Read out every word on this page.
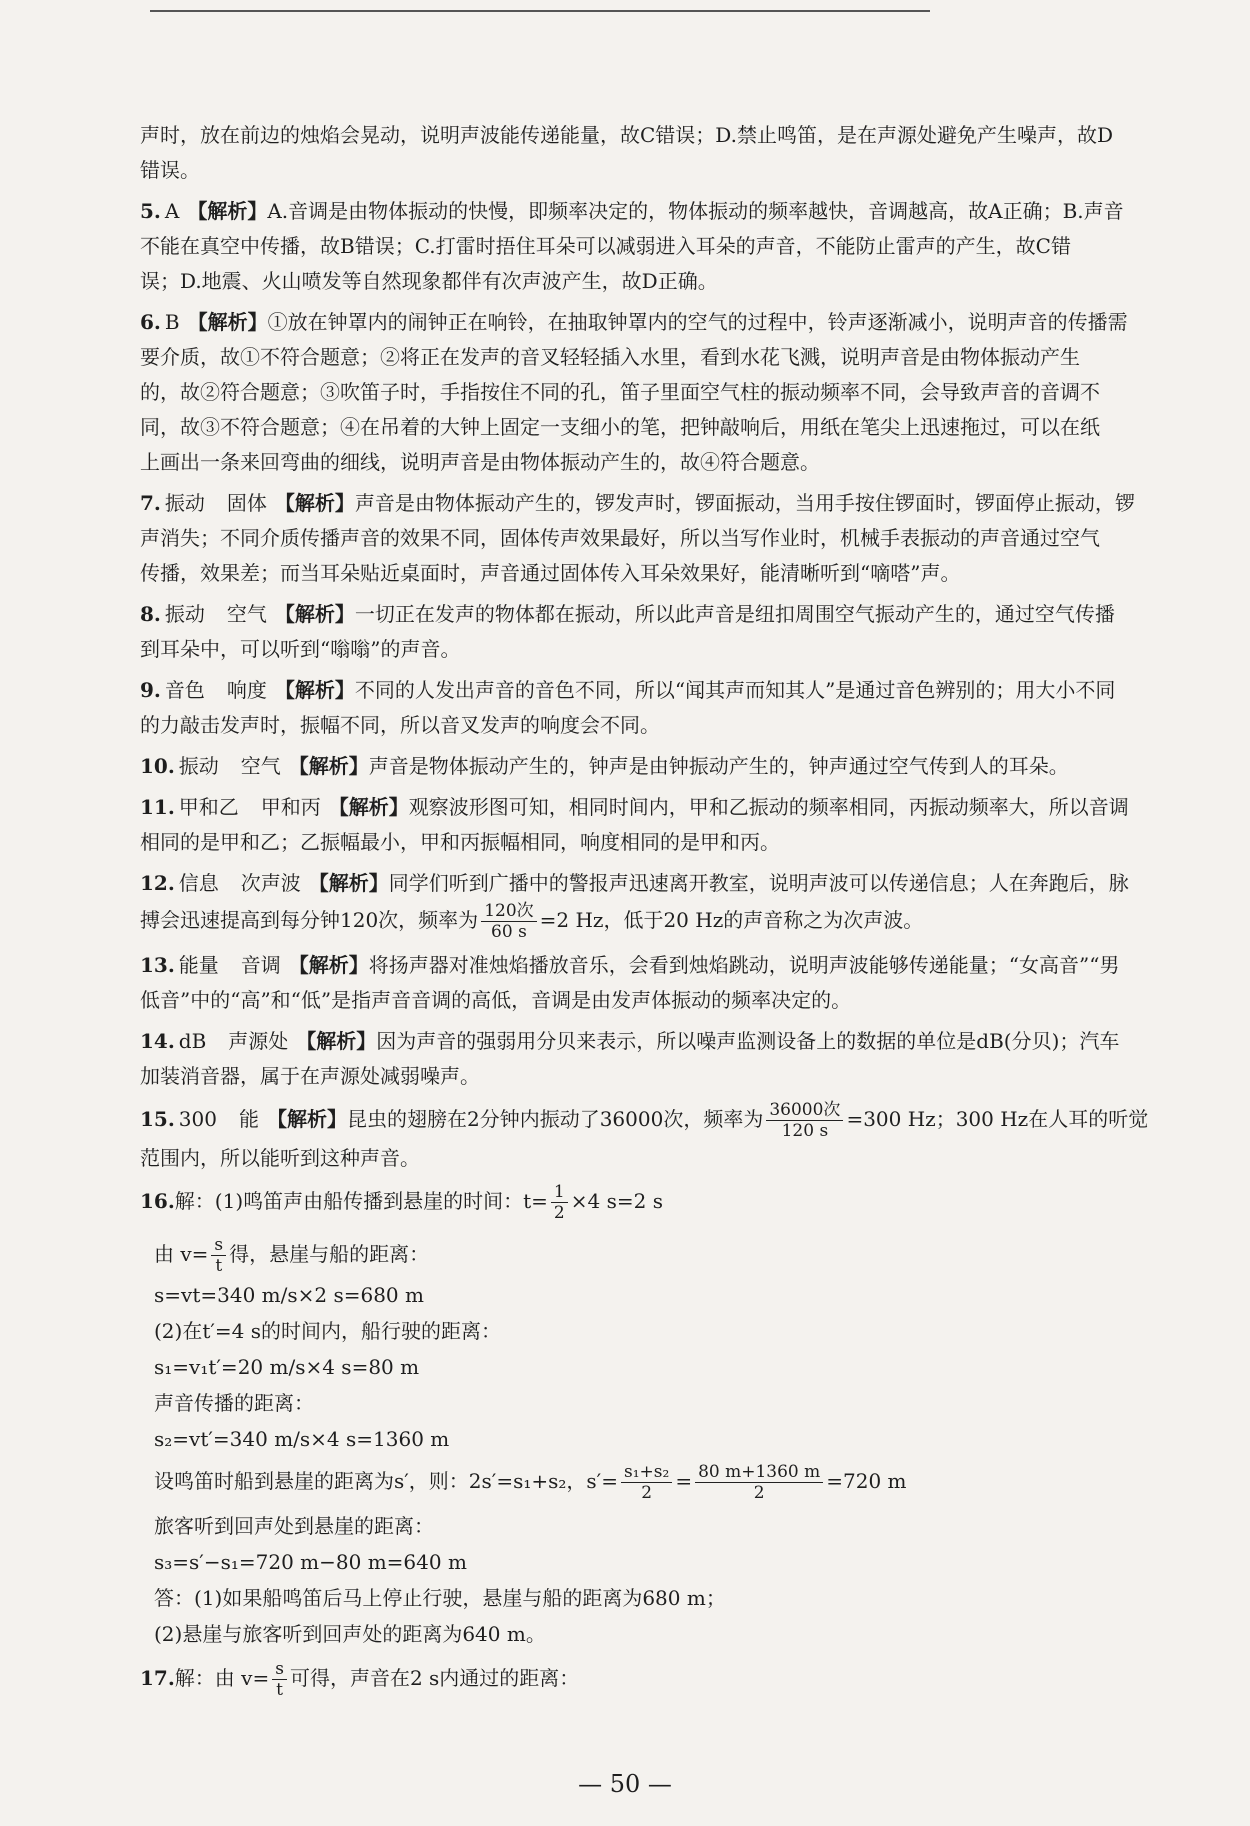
声时，放在前边的烛焰会晃动，说明声波能传递能量，故C错误；D.禁止鸣笛，是在声源处避免产生噪声，故D
错误。

5. A 【解析】A.音调是由物体振动的快慢，即频率决定的，物体振动的频率越快，音调越高，故A正确；B.声音
不能在真空中传播，故B错误；C.打雷时捂住耳朵可以减弱进入耳朵的声音，不能防止雷声的产生，故C错
误；D.地震、火山喷发等自然现象都伴有次声波产生，故D正确。

6. B 【解析】①放在钟罩内的闹钟正在响铃，在抽取钟罩内的空气的过程中，铃声逐渐减小，说明声音的传播需
要介质，故①不符合题意；②将正在发声的音叉轻轻插入水里，看到水花飞溅，说明声音是由物体振动产生
的，故②符合题意；③吹笛子时，手指按住不同的孔，笛子里面空气柱的振动频率不同，会导致声音的音调不
同，故③不符合题意；④在吊着的大钟上固定一支细小的笔，把钟敲响后，用纸在笔尖上迅速拖过，可以在纸
上画出一条来回弯曲的细线，说明声音是由物体振动产生的，故④符合题意。

7. 振动 固体 【解析】声音是由物体振动产生的，锣发声时，锣面振动，当用手按住锣面时，锣面停止振动，锣
声消失；不同介质传播声音的效果不同，固体传声效果最好，所以当写作业时，机械手表振动的声音通过空气
传播，效果差；而当耳朵贴近桌面时，声音通过固体传入耳朵效果好，能清晰听到“嘀嗒”声。

8. 振动 空气 【解析】一切正在发声的物体都在振动，所以此声音是纽扣周围空气振动产生的，通过空气传播
到耳朵中，可以听到“嗡嗡”的声音。

9. 音色 响度 【解析】不同的人发出声音的音色不同，所以“闻其声而知其人”是通过音色辨别的；用大小不同
的力敲击发声时，振幅不同，所以音叉发声的响度会不同。

10. 振动 空气 【解析】声音是物体振动产生的，钟声是由钟振动产生的，钟声通过空气传到人的耳朵。

11. 甲和乙 甲和丙 【解析】观察波形图可知，相同时间内，甲和乙振动的频率相同，丙振动频率大，所以音调
相同的是甲和乙；乙振幅最小，甲和丙振幅相同，响度相同的是甲和丙。

12. 信息 次声波 【解析】同学们听到广播中的警报声迅速离开教室，说明声波可以传递信息；人在奔跑后，脉
搏会迅速提高到每分钟120次，频率为 $\frac{\text{120次}}{60 s} =2$ Hz，低于20 Hz的声音称之为次声波。

13. 能量 音调 【解析】将扬声器对准烛焰播放音乐，会看到烛焰跳动，说明声波能够传递能量；“女高音”“男
低音”中的“高”和“低”是指声音音调的高低，音调是由发声体振动的频率决定的。

14. dB 声源处 【解析】因为声音的强弱用分贝来表示，所以噪声监测设备上的数据的单位是dB(分贝)；汽车
加装消音器，属于在声源处减弱噪声。

15. 300 能 【解析】昆虫的翅膀在2分钟内振动了36000次，频率为 $\frac{\text{36000次}}{120 s} =300$ Hz；300 Hz在人耳的听觉
范围内，所以能听到这种声音。

16.解：(1)鸣笛声由船传播到悬崖的时间：$t= \frac{1}{2} \times 4$ s=2 s

由 $v= \frac{s}{t}$ 得，悬崖与船的距离：

s=vt=340 m/s×2 s=680 m

(2)在t′=4 s的时间内，船行驶的距离：

s₁=v₁t′=20 m/s×4 s=80 m

声音传播的距离：

s₂=vt′=340 m/s×4 s=1360 m

设鸣笛时船到悬崖的距离为s′，则：2s′=s₁+s₂，$s'= \frac{\text{s₁+s₂}}{2} = \frac{80 m+1360 m}{2} =720$ m

旅客听到回声处到悬崖的距离：

s₃=s′−s₁=720 m−80 m=640 m

答：(1)如果船鸣笛后马上停止行驶，悬崖与船的距离为680 m；

(2)悬崖与旅客听到回声处的距离为640 m。

17.解：由 $v= \frac{s}{t}$ 可得，声音在2 s内通过的距离：

— 50 —
